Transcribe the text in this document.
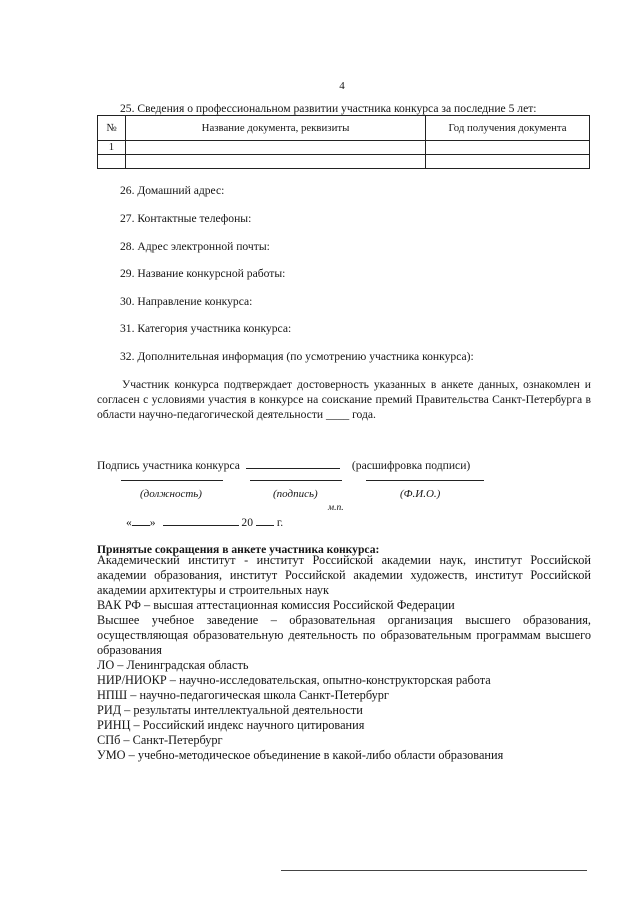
4
25. Сведения о профессиональном развитии участника конкурса за последние 5 лет:
№	Название документа, реквизиты	Год получения документа
1		

26. Домашний адрес:
27. Контактные телефоны:
28. Адрес электронной почты:
29. Название конкурсной работы:
30. Направление конкурса:
31. Категория участника конкурса:
32. Дополнительная информация (по усмотрению участника конкурса):
Участник конкурса подтверждает достоверность указанных в анкете данных, ознакомлен и согласен с условиями участия в конкурсе на соискание премий Правительства Санкт-Петербурга в области научно-педагогической деятельности ____ года.
Подпись участника конкурса	(расшифровка подписи)
(должность)	(подпись)	(Ф.И.О.)
м.п.
« »	20 г.
Принятые сокращения в анкете участника конкурса:

Академический институт - институт Российской академии наук, институт Российской академии образования, институт Российской академии художеств, институт Российской академии архитектуры и строительных наук

ВАК РФ – высшая аттестационная комиссия Российской Федерации

Высшее учебное заведение – образовательная организация высшего образования, осуществляющая образовательную деятельность по образовательным программам высшего образования

ЛО – Ленинградская область

НИР/НИОКР – научно-исследовательская, опытно-конструкторская работа

НПШ – научно-педагогическая школа Санкт-Петербург

РИД – результаты интеллектуальной деятельности

РИНЦ – Российский индекс научного цитирования

СПб – Санкт-Петербург

УМО – учебно-методическое объединение в какой-либо области образования
